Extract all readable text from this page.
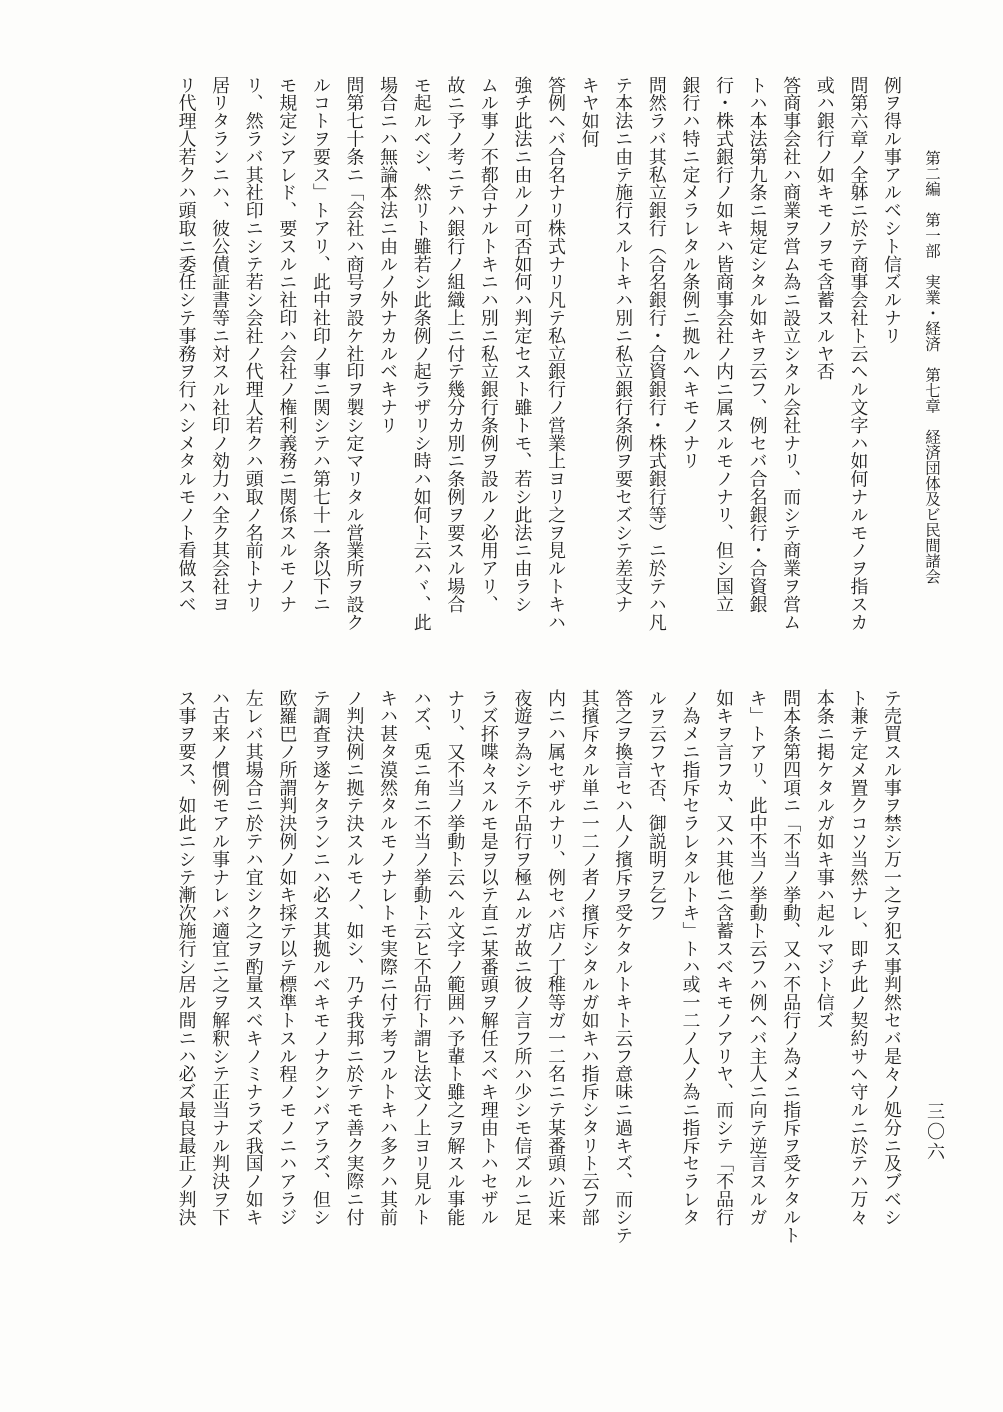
第二編　第一部　実業・経済　第七章　経済団体及ビ民間諸会

例ヲ得ル事アルベシト信ズルナリ

問第六章ノ全躰ニ於テ商事会社ト云ヘル文字ハ如何ナルモノヲ指スカ

或ハ銀行ノ如キモノヲモ含蓄スルヤ否

答商事会社ハ商業ヲ営ム為ニ設立シタル会社ナリ、而シテ商業ヲ営ム

トハ本法第九条ニ規定シタル如キヲ云フ、例セバ合名銀行・合資銀

行・株式銀行ノ如キハ皆商事会社ノ内ニ属スルモノナリ、但シ国立

銀行ハ特ニ定メラレタル条例ニ拠ルヘキモノナリ

問然ラバ其私立銀行（合名銀行・合資銀行・株式銀行等）ニ於テハ凡

テ本法ニ由テ施行スルトキハ別ニ私立銀行条例ヲ要セズシテ差支ナ

キヤ如何

答例ヘバ合名ナリ株式ナリ凡テ私立銀行ノ営業上ヨリ之ヲ見ルトキハ

強チ此法ニ由ルノ可否如何ハ判定セスト雖トモ、若シ此法ニ由ラシ

ムル事ノ不都合ナルトキニハ別ニ私立銀行条例ヲ設ルノ必用アリ、

故ニ予ノ考ニテハ銀行ノ組織上ニ付テ幾分カ別ニ条例ヲ要スル場合

モ起ルベシ、然リト雖若シ此条例ノ起ラザリシ時ハ如何ト云ハヾ、此

場合ニハ無論本法ニ由ルノ外ナカルベキナリ

問第七十条ニ「会社ハ商号ヲ設ケ社印ヲ製シ定マリタル営業所ヲ設ク

ルコトヲ要ス」トアリ、此中社印ノ事ニ関シテハ第七十一条以下ニ

モ規定シアレド、要スルニ社印ハ会社ノ権利義務ニ関係スルモノナ

リ、然ラバ其社印ニシテ若シ会社ノ代理人若クハ頭取ノ名前トナリ

居リタランニハ、彼公債証書等ニ対スル社印ノ効力ハ全ク其会社ヨ

リ代理人若クハ頭取ニ委任シテ事務ヲ行ハシメタルモノト看做スベ

テ売買スル事ヲ禁シ万一之ヲ犯ス事判然セバ是々ノ処分ニ及ブベシ

ト兼テ定メ置クコソ当然ナレ、即チ此ノ契約サヘ守ルニ於テハ万々

本条ニ掲ケタルガ如キ事ハ起ルマジト信ズ

問本条第四項ニ「不当ノ挙動、又ハ不品行ノ為メニ指斥ヲ受ケタルト

キ」トアリ、此中不当ノ挙動ト云フハ例ヘバ主人ニ向テ逆言スルガ

如キヲ言フカ、又ハ其他ニ含蓄スベキモノアリヤ、而シテ「不品行

ノ為メニ指斥セラレタルトキ」トハ或一二ノ人ノ為ニ指斥セラレタ

ルヲ云フヤ否、御説明ヲ乞フ

答之ヲ換言セハ人ノ擯斥ヲ受ケタルトキト云フ意味ニ過キズ、而シテ

其擯斥タル単ニ一二ノ者ノ擯斥シタルガ如キハ指斥シタリト云フ部

内ニハ属セザルナリ、例セバ店ノ丁稚等ガ一二名ニテ某番頭ハ近来

夜遊ヲ為シテ不品行ヲ極ムルガ故ニ彼ノ言フ所ハ少シモ信ズルニ足

ラズ抔喋々スルモ是ヲ以テ直ニ某番頭ヲ解任スベキ理由トハセザル

ナリ、又不当ノ挙動ト云ヘル文字ノ範囲ハ予輩ト雖之ヲ解スル事能

ハズ、兎ニ角ニ不当ノ挙動ト云ヒ不品行ト謂ヒ法文ノ上ヨリ見ルト

キハ甚タ漠然タルモノナレトモ実際ニ付テ考フルトキハ多クハ其前

ノ判決例ニ拠テ決スルモノ、如シ、乃チ我邦ニ於テモ善ク実際ニ付

テ調査ヲ遂ケタランニハ必ス其拠ルベキモノナクンバアラズ、但シ

欧羅巴ノ所謂判決例ノ如キ採テ以テ標準トスル程ノモノニハアラジ

左レバ其場合ニ於テハ宜シク之ヲ酌量スベキノミナラズ我国ノ如キ

ハ古来ノ慣例モアル事ナレバ適宜ニ之ヲ解釈シテ正当ナル判決ヲ下

ス事ヲ要ス、如此ニシテ漸次施行シ居ル間ニハ必ズ最良最正ノ判決	三〇六
